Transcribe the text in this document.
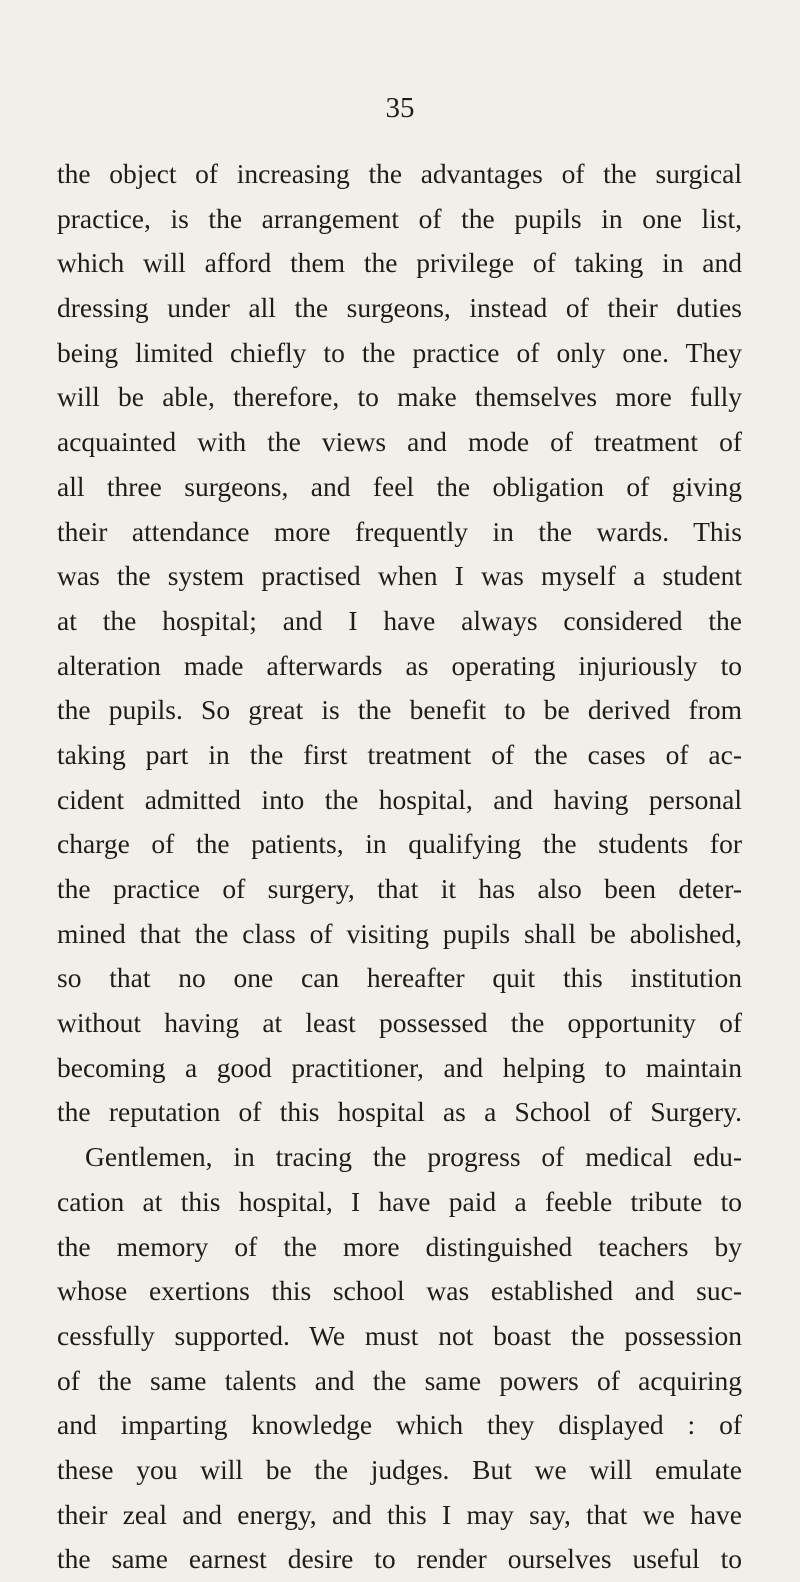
35
the object of increasing the advantages of the surgical
practice, is the arrangement of the pupils in one list,
which will afford them the privilege of taking in and
dressing under all the surgeons, instead of their duties
being limited chiefly to the practice of only one. They
will be able, therefore, to make themselves more fully
acquainted with the views and mode of treatment of
all three surgeons, and feel the obligation of giving
their attendance more frequently in the wards. This
was the system practised when I was myself a student
at the hospital; and I have always considered the
alteration made afterwards as operating injuriously to
the pupils. So great is the benefit to be derived from
taking part in the first treatment of the cases of ac-
cident admitted into the hospital, and having personal
charge of the patients, in qualifying the students for
the practice of surgery, that it has also been deter-
mined that the class of visiting pupils shall be abolished,
so that no one can hereafter quit this institution
without having at least possessed the opportunity of
becoming a good practitioner, and helping to maintain
the reputation of this hospital as a School of Surgery.
Gentlemen, in tracing the progress of medical edu-
cation at this hospital, I have paid a feeble tribute to
the memory of the more distinguished teachers by
whose exertions this school was established and suc-
cessfully supported. We must not boast the possession
of the same talents and the same powers of acquiring
and imparting knowledge which they displayed : of
these you will be the judges. But we will emulate
their zeal and energy, and this I may say, that we have
the same earnest desire to render ourselves useful to
